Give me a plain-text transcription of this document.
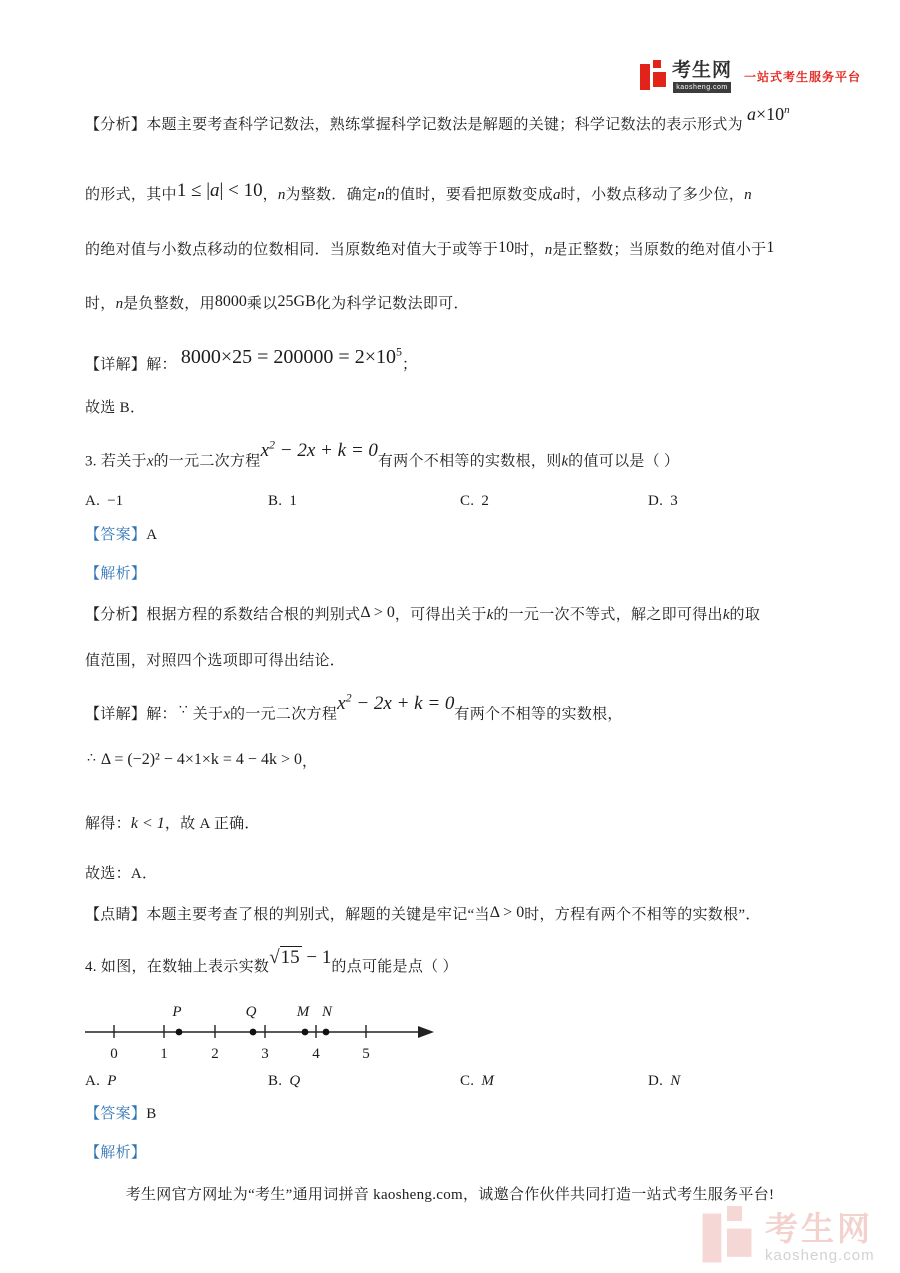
考生网
kaosheng.com
一站式考生服务平台
【分析】本题主要考查科学记数法，熟练掌握科学记数法是解题的关键；科学记数法的表示形式为 $a\times 10^n$
的形式，其中1 ≤ |a| < 10，n为整数．确定n的值时，要看把原数变成a时，小数点移动了多少位，n
的绝对值与小数点移动的位数相同．当原数绝对值大于或等于10时，n是正整数；当原数的绝对值小于1
时，n是负整数，用8000乘以25GB化为科学记数法即可．
【详解】解： $8000\times 25 = 200000 = 2\times 10^5$；
故选 B．
3. 若关于x的一元二次方程$x^2 - 2x + k = 0$有两个不相等的实数根，则k的值可以是（ ）
A. −1	B. 1	C. 2	D. 3
【答案】A
【解析】
【分析】根据方程的系数结合根的判别式Δ > 0，可得出关于k的一元一次不等式，解之即可得出k的取
值范围，对照四个选项即可得出结论．
【详解】解： ∵ 关于x的一元二次方程$x^2 - 2x + k = 0$有两个不相等的实数根，
∴ Δ = (−2)² − 4×1×k = 4 − 4k > 0，
解得：k < 1，故 A 正确．
故选：A．
【点睛】本题主要考查了根的判别式，解题的关键是牢记“当Δ > 0时，方程有两个不相等的实数根”．
4. 如图，在数轴上表示实数√15 − 1的点可能是点（ ）
0	1	2	3	4	5
P	Q	M N
A. P	B. Q	C. M	D. N
【答案】B
【解析】
考生网官方网址为“考生”通用词拼音 kaosheng.com，诚邀合作伙伴共同打造一站式考生服务平台!
考生网
kaosheng.com
